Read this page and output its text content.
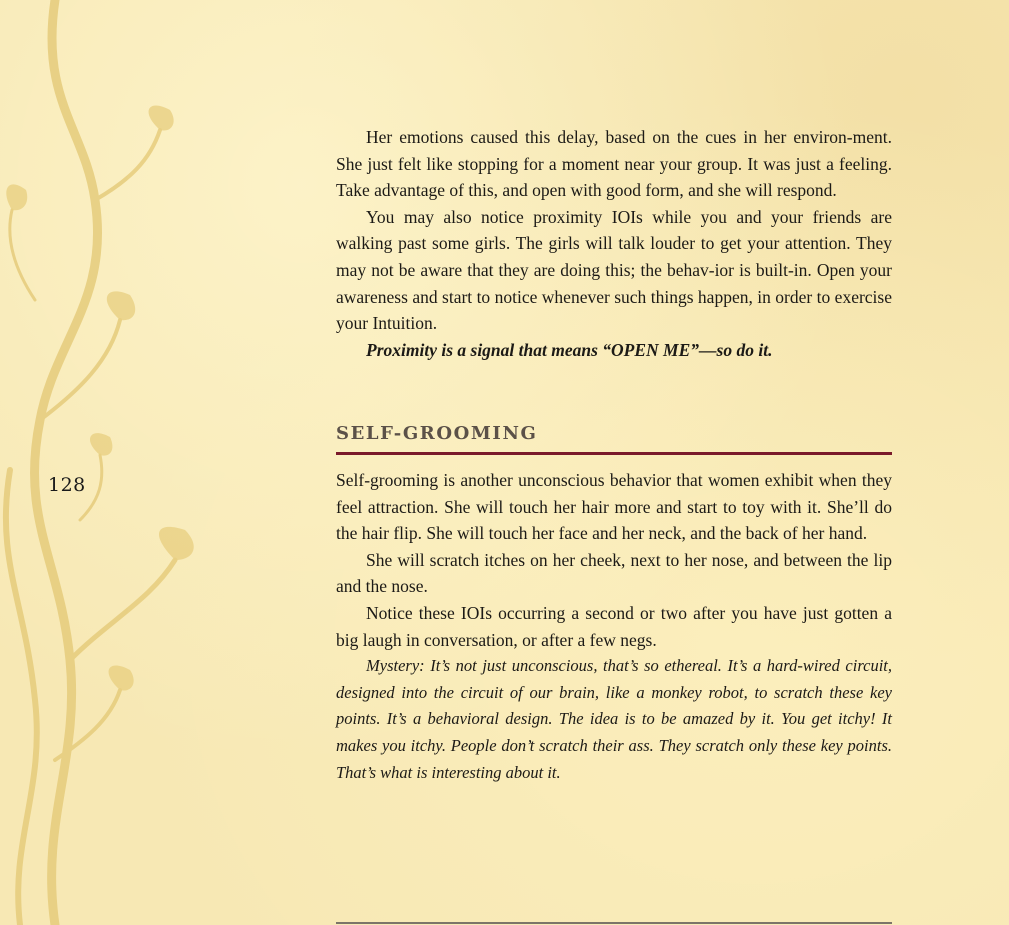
128

Her emotions caused this delay, based on the cues in her environ-ment. She just felt like stopping for a moment near your group. It was just a feeling. Take advantage of this, and open with good form, and she will respond.

You may also notice proximity IOIs while you and your friends are walking past some girls. The girls will talk louder to get your attention. They may not be aware that they are doing this; the behav-ior is built-in. Open your awareness and start to notice whenever such things happen, in order to exercise your Intuition.

Proximity is a signal that means “OPEN ME”—so do it.

SELF-GROOMING

Self-grooming is another unconscious behavior that women exhibit when they feel attraction. She will touch her hair more and start to toy with it. She’ll do the hair flip. She will touch her face and her neck, and the back of her hand.

She will scratch itches on her cheek, next to her nose, and between the lip and the nose.

Notice these IOIs occurring a second or two after you have just gotten a big laugh in conversation, or after a few negs.

Mystery: It’s not just unconscious, that’s so ethereal. It’s a hard-wired circuit, designed into the circuit of our brain, like a monkey robot, to scratch these key points. It’s a behavioral design. The idea is to be amazed by it. You get itchy! It makes you itchy. People don’t scratch their ass. They scratch only these key points. That’s what is interesting about it.
